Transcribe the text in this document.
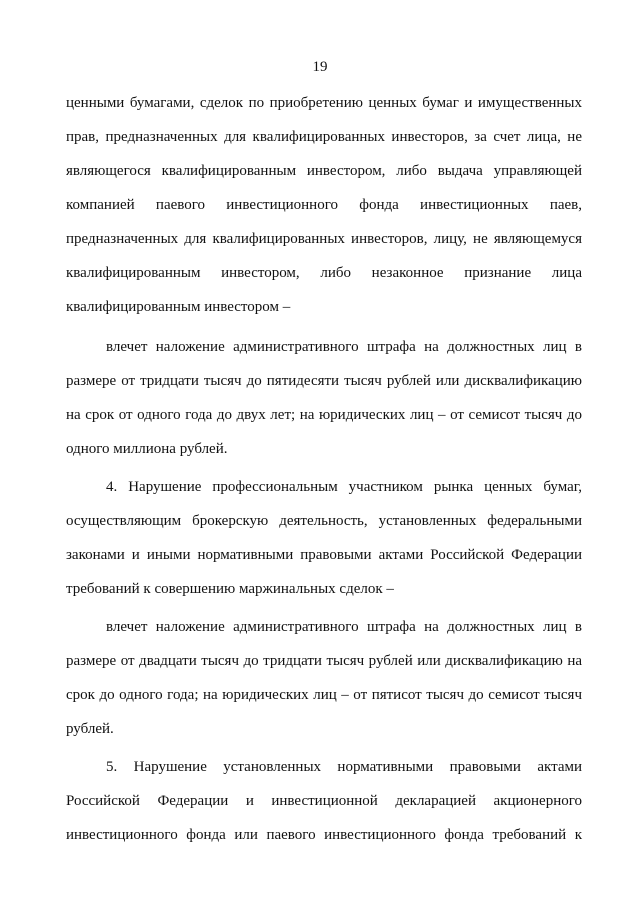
19
ценными бумагами, сделок по приобретению ценных бумаг и имущественных
прав, предназначенных для квалифицированных инвесторов, за счет лица, не
являющегося квалифицированным инвестором, либо выдача управляющей
компанией паевого инвестиционного фонда инвестиционных паев,
предназначенных для квалифицированных инвесторов, лицу, не являющемуся
квалифицированным инвестором, либо незаконное признание лица
квалифицированным инвестором –
влечет наложение административного штрафа на должностных лиц в
размере от тридцати тысяч до пятидесяти тысяч рублей или дисквалификацию
на срок от одного года до двух лет; на юридических лиц – от семисот тысяч до
одного миллиона рублей.
4. Нарушение профессиональным участником рынка ценных бумаг,
осуществляющим брокерскую деятельность, установленных федеральными
законами и иными нормативными правовыми актами Российской Федерации
требований к совершению маржинальных сделок –
влечет наложение административного штрафа на должностных лиц в
размере от двадцати тысяч до тридцати тысяч рублей или дисквалификацию на
срок до одного года; на юридических лиц – от пятисот тысяч до семисот тысяч
рублей.
5. Нарушение установленных нормативными правовыми актами
Российской Федерации и инвестиционной декларацией акционерного
инвестиционного фонда или паевого инвестиционного фонда требований к
